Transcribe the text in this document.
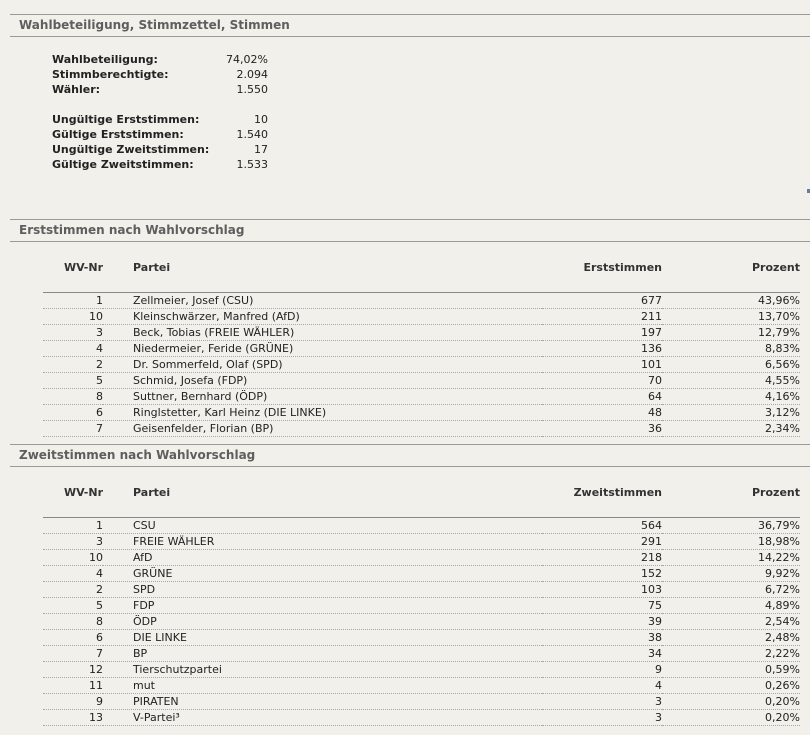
Wahlbeteiligung, Stimmzettel, Stimmen
Wahlbeteiligung:	74,02%
Stimmberechtigte:	2.094
Wähler:	1.550
Ungültige Erststimmen:	10
Gültige Erststimmen:	1.540
Ungültige Zweitstimmen:	17
Gültige Zweitstimmen:	1.533
Erststimmen nach Wahlvorschlag
WV-Nr	Partei	Erststimmen	Prozent

1	Zellmeier, Josef (CSU)	677	43,96%
10	Kleinschwärzer, Manfred (AfD)	211	13,70%
3	Beck, Tobias (FREIE WÄHLER)	197	12,79%
4	Niedermeier, Feride (GRÜNE)	136	8,83%
2	Dr. Sommerfeld, Olaf (SPD)	101	6,56%
5	Schmid, Josefa (FDP)	70	4,55%
8	Suttner, Bernhard (ÖDP)	64	4,16%
6	Ringlstetter, Karl Heinz (DIE LINKE)	48	3,12%
7	Geisenfelder, Florian (BP)	36	2,34%
Zweitstimmen nach Wahlvorschlag
WV-Nr	Partei	Zweitstimmen	Prozent

1	CSU	564	36,79%
3	FREIE WÄHLER	291	18,98%
10	AfD	218	14,22%
4	GRÜNE	152	9,92%
2	SPD	103	6,72%
5	FDP	75	4,89%
8	ÖDP	39	2,54%
6	DIE LINKE	38	2,48%
7	BP	34	2,22%
12	Tierschutzpartei	9	0,59%
11	mut	4	0,26%
9	PIRATEN	3	0,20%
13	V-Partei³	3	0,20%
